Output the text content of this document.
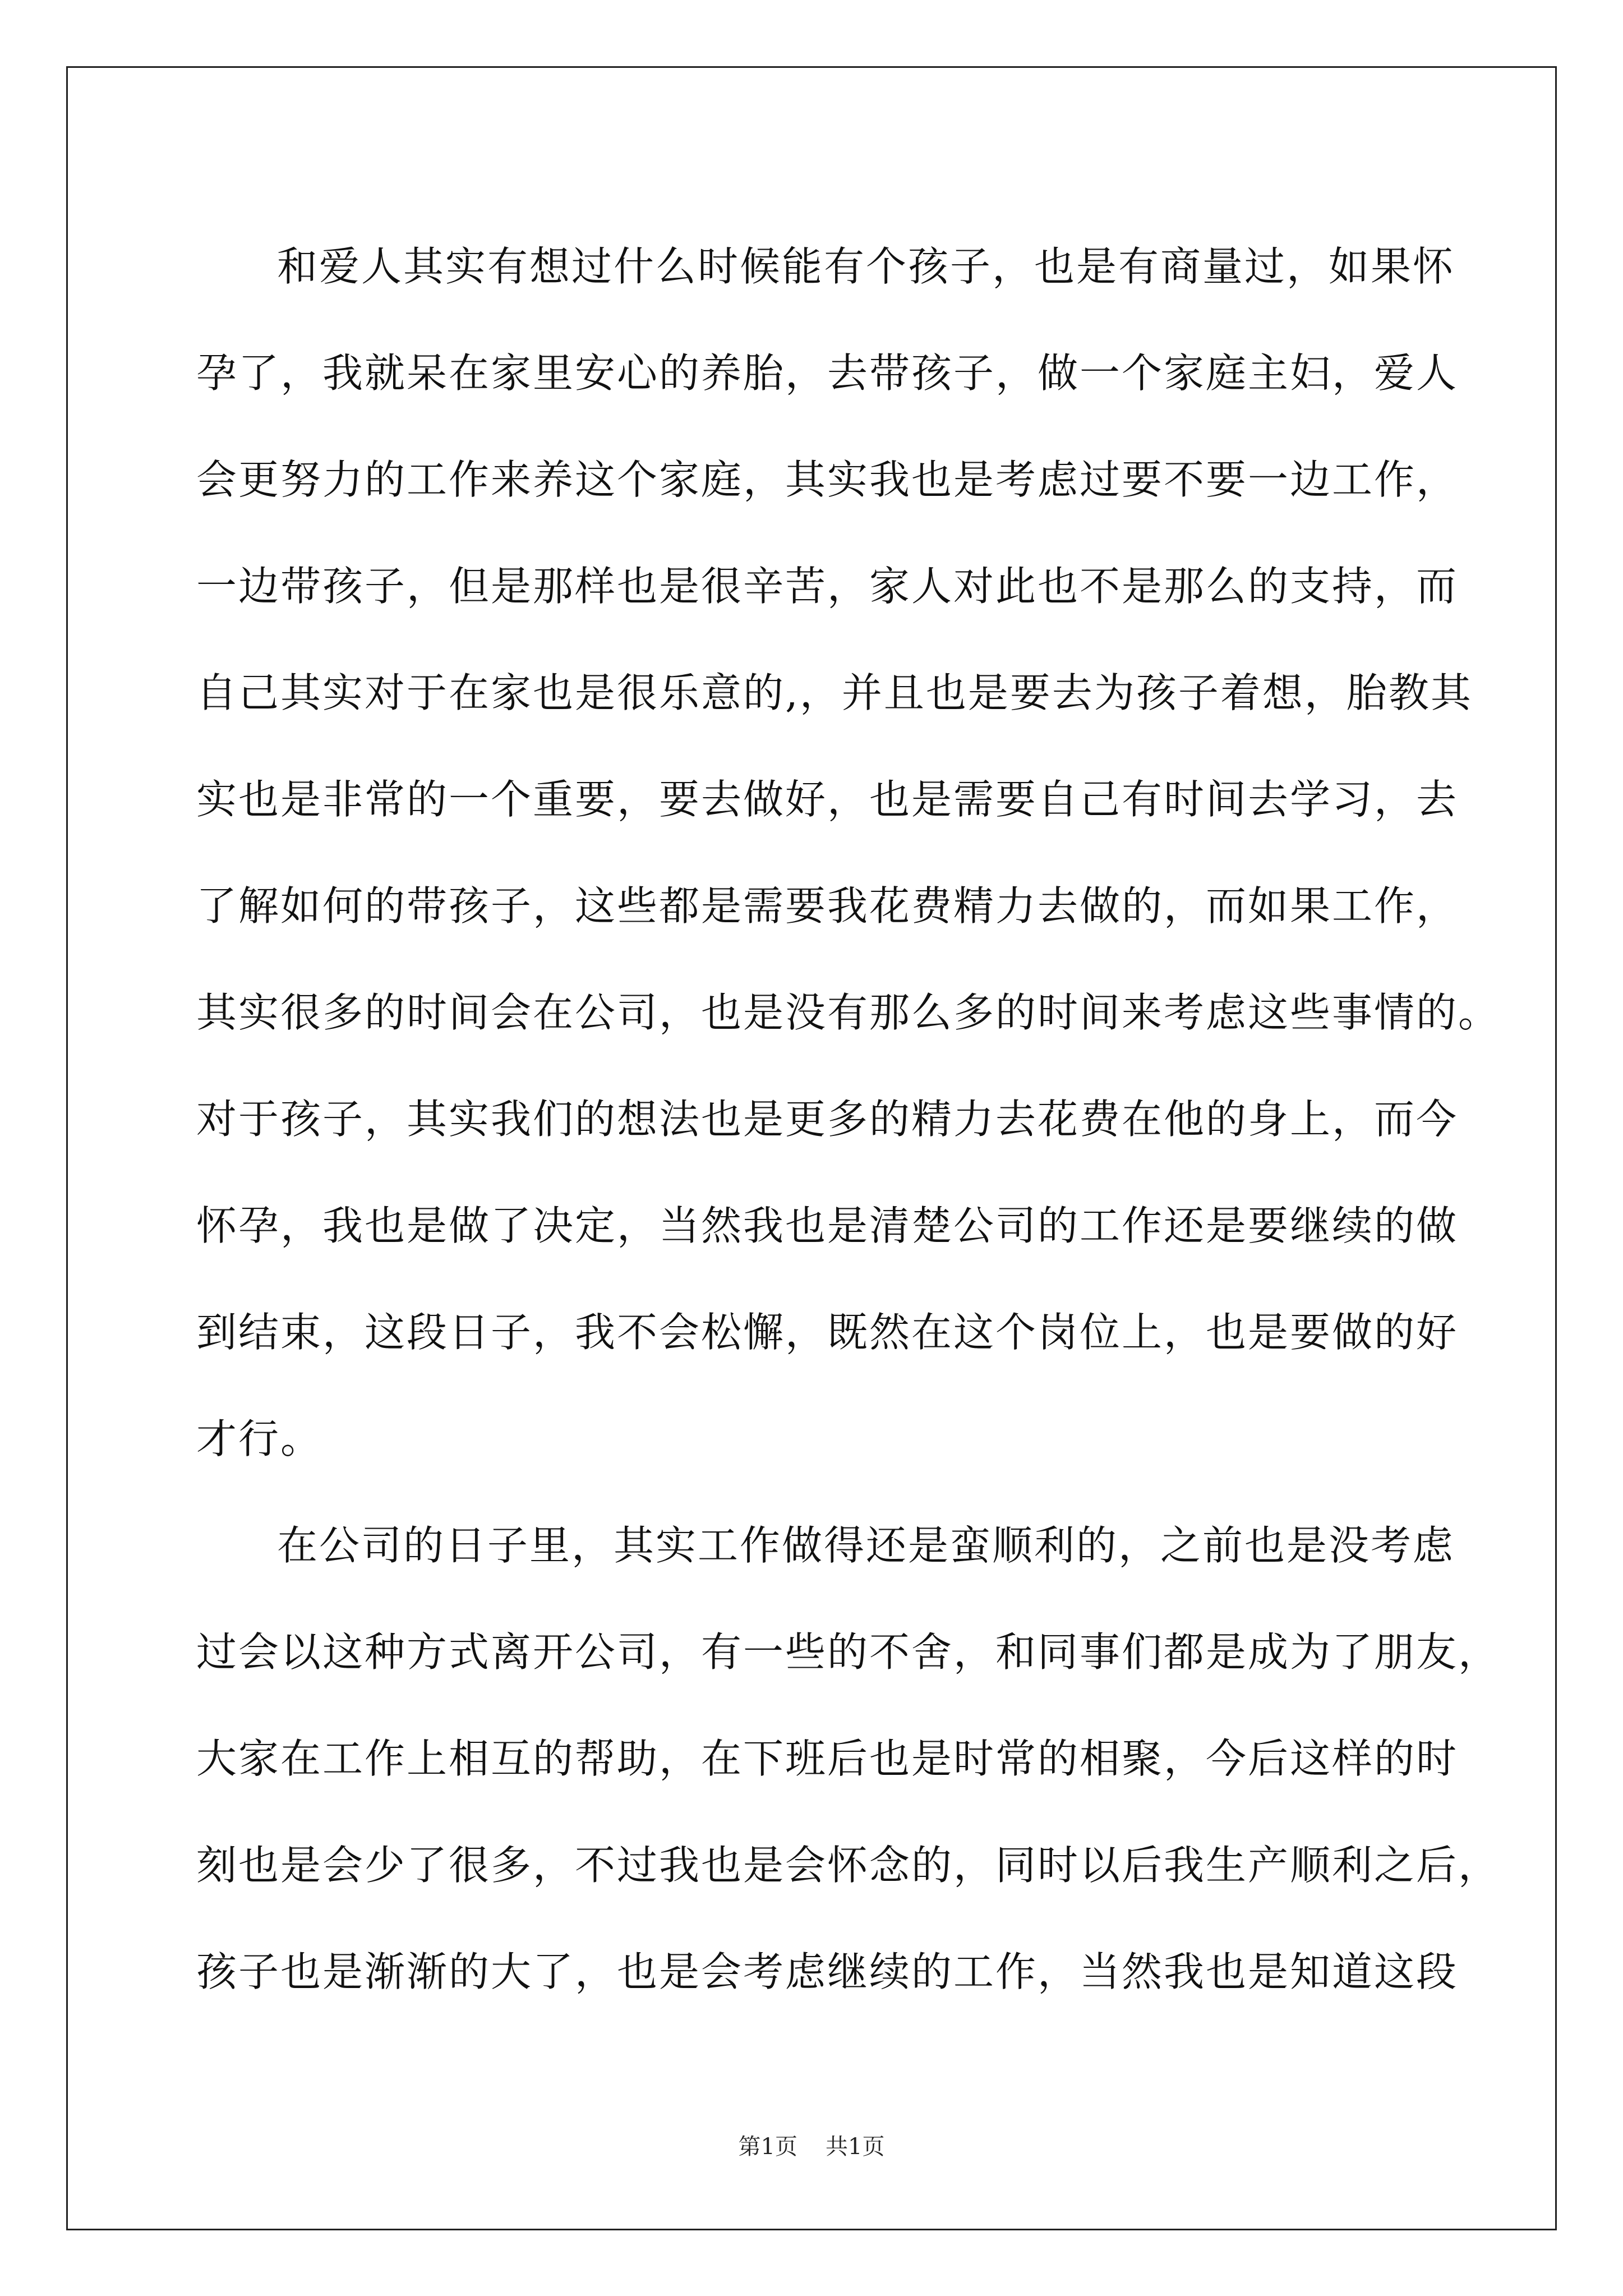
和爱人其实有想过什么时候能有个孩子，也是有商量过，如果怀
孕了，我就呆在家里安心的养胎，去带孩子，做一个家庭主妇，爱人
会更努力的工作来养这个家庭，其实我也是考虑过要不要一边工作，
一边带孩子，但是那样也是很辛苦，家人对此也不是那么的支持，而
自己其实对于在家也是很乐意的,，并且也是要去为孩子着想，胎教其
实也是非常的一个重要，要去做好，也是需要自己有时间去学习，去
了解如何的带孩子，这些都是需要我花费精力去做的，而如果工作，
其实很多的时间会在公司，也是没有那么多的时间来考虑这些事情的。
对于孩子，其实我们的想法也是更多的精力去花费在他的身上，而今
怀孕，我也是做了决定，当然我也是清楚公司的工作还是要继续的做
到结束，这段日子，我不会松懈，既然在这个岗位上，也是要做的好
才行。
在公司的日子里，其实工作做得还是蛮顺利的，之前也是没考虑
过会以这种方式离开公司，有一些的不舍，和同事们都是成为了朋友，
大家在工作上相互的帮助，在下班后也是时常的相聚，今后这样的时
刻也是会少了很多，不过我也是会怀念的，同时以后我生产顺利之后，
孩子也是渐渐的大了，也是会考虑继续的工作，当然我也是知道这段
第1页 共1页
